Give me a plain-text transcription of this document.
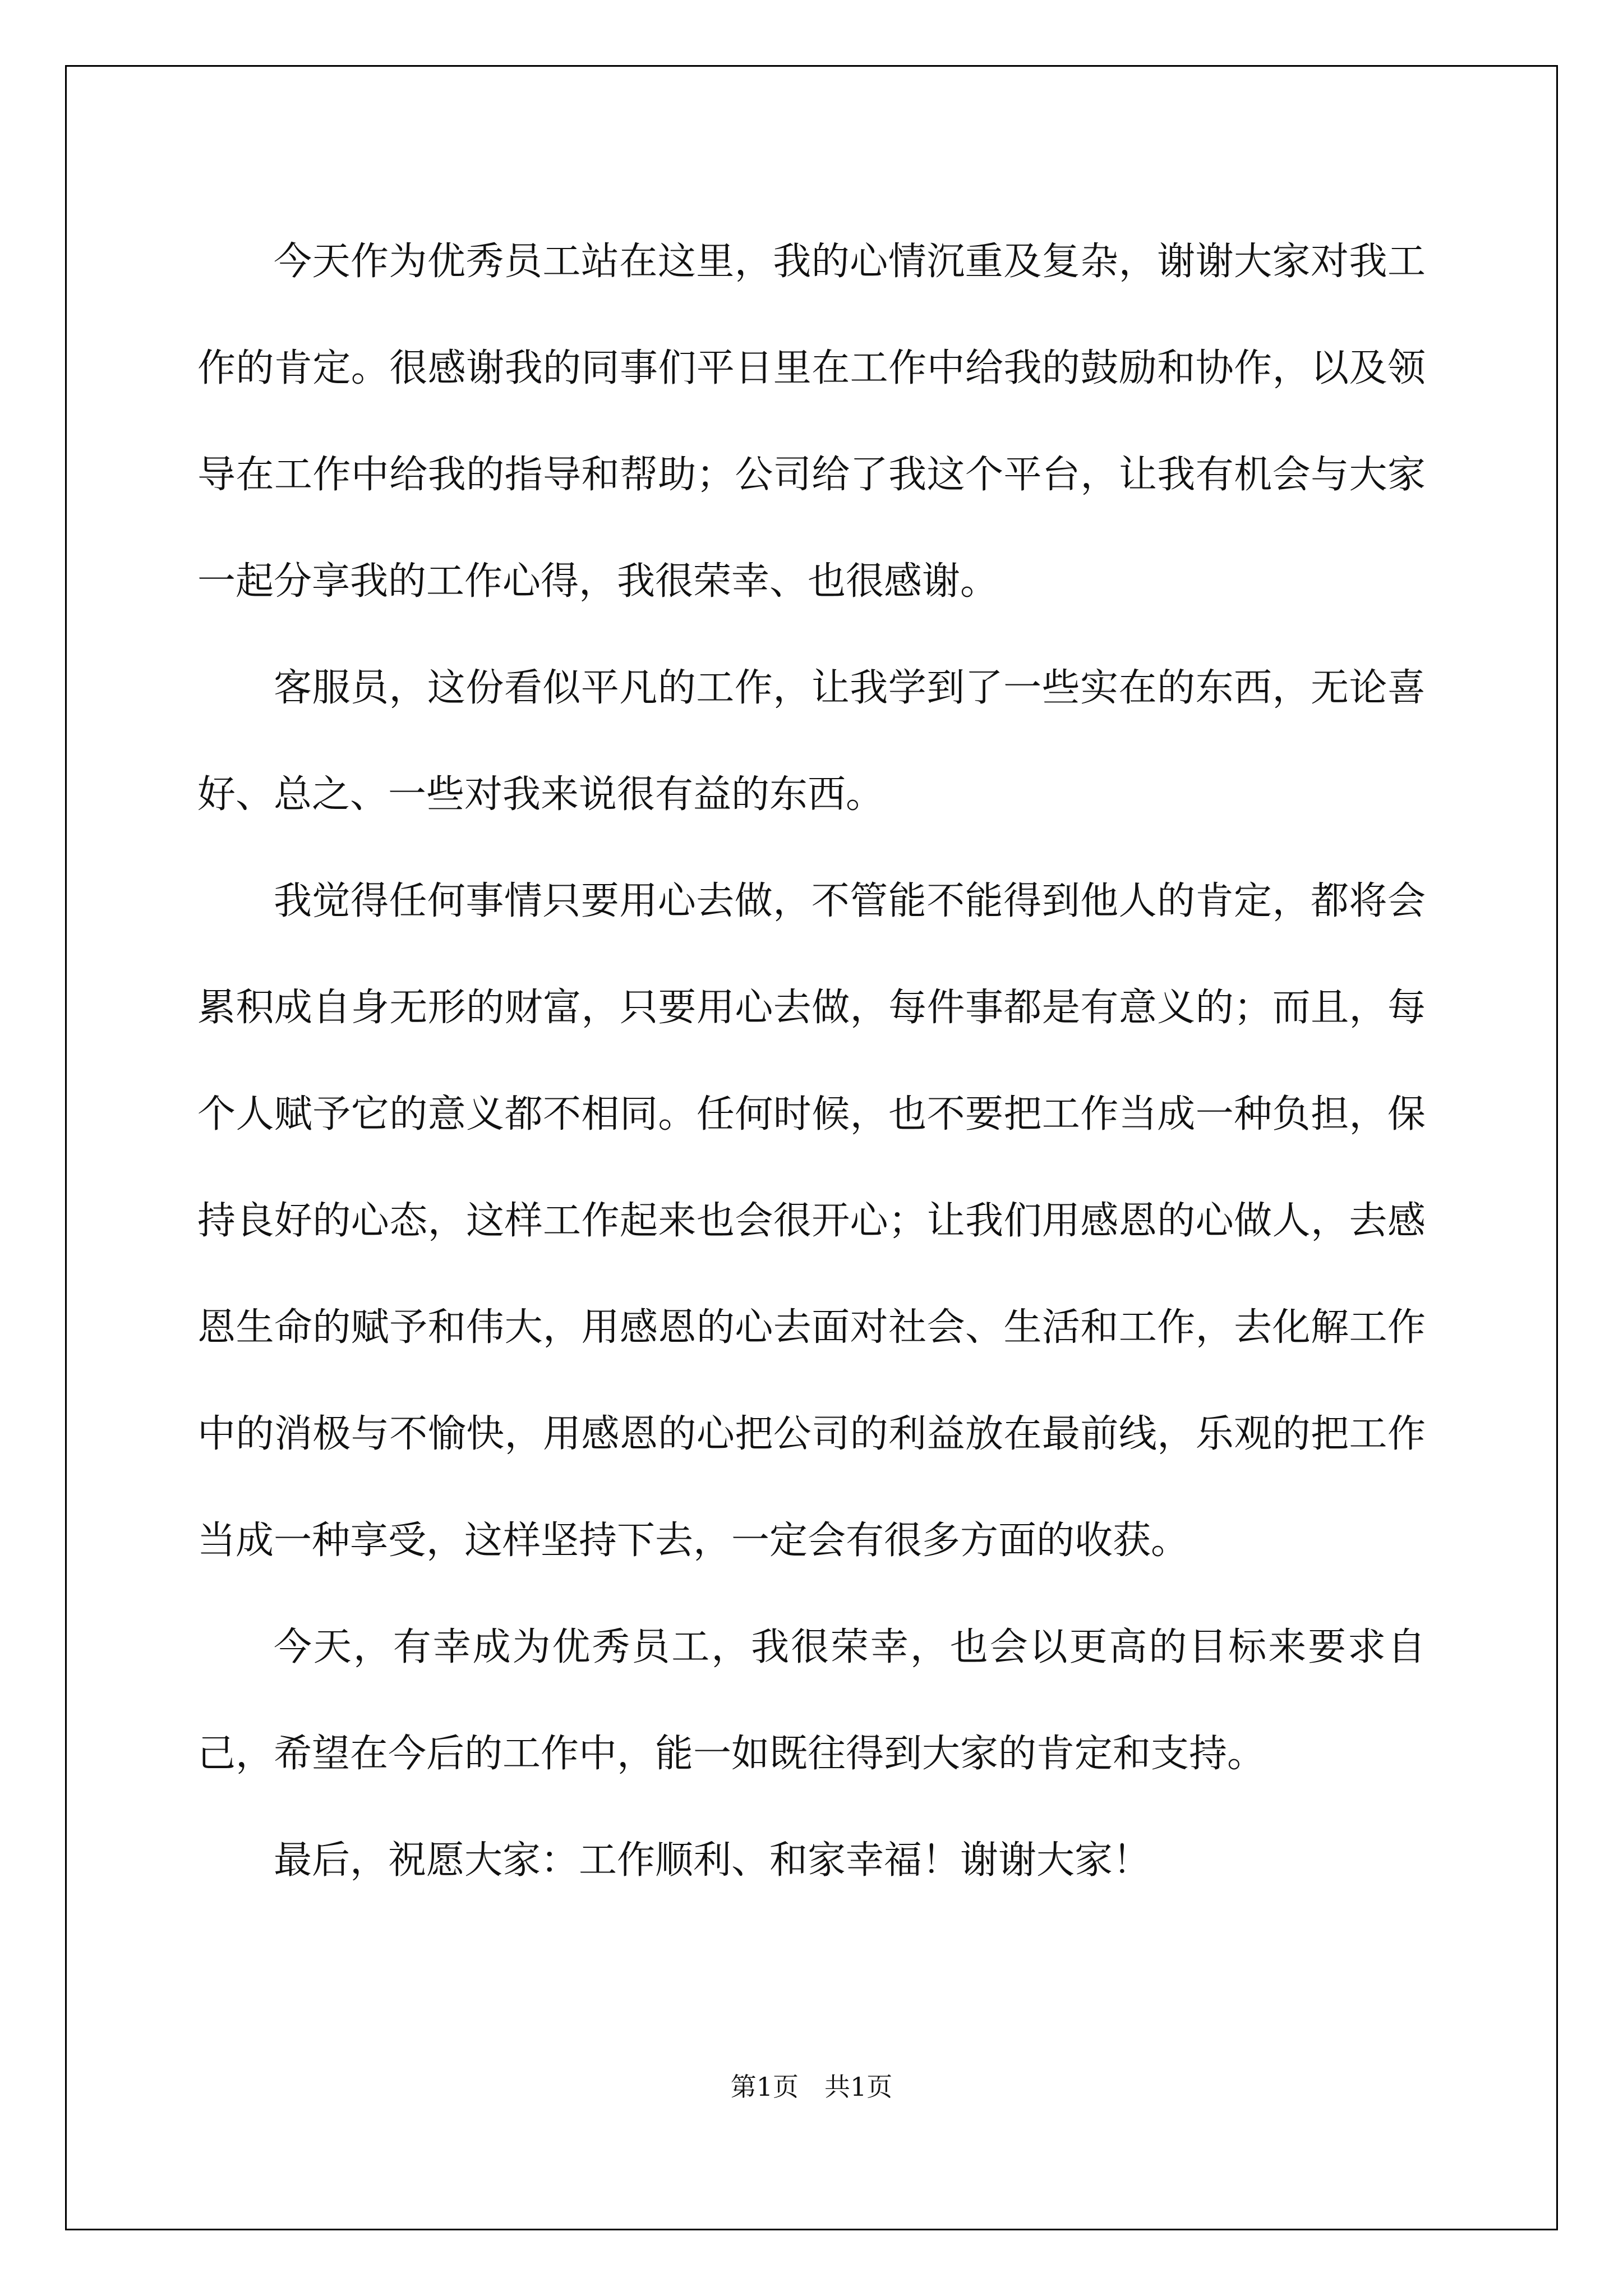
今天作为优秀员工站在这里，我的心情沉重及复杂，谢谢大家对我工作的肯定。很感谢我的同事们平日里在工作中给我的鼓励和协作，以及领导在工作中给我的指导和帮助；公司给了我这个平台，让我有机会与大家一起分享我的工作心得，我很荣幸、也很感谢。

客服员，这份看似平凡的工作，让我学到了一些实在的东西，无论喜好、总之、一些对我来说很有益的东西。

我觉得任何事情只要用心去做，不管能不能得到他人的肯定，都将会累积成自身无形的财富，只要用心去做，每件事都是有意义的；而且，每个人赋予它的意义都不相同。任何时候，也不要把工作当成一种负担，保持良好的心态，这样工作起来也会很开心；让我们用感恩的心做人，去感恩生命的赋予和伟大，用感恩的心去面对社会、生活和工作，去化解工作中的消极与不愉快，用感恩的心把公司的利益放在最前线，乐观的把工作当成一种享受，这样坚持下去，一定会有很多方面的收获。

今天，有幸成为优秀员工，我很荣幸，也会以更高的目标来要求自己，希望在今后的工作中，能一如既往得到大家的肯定和支持。

最后，祝愿大家：工作顺利、和家幸福！谢谢大家！

第1页　共1页
